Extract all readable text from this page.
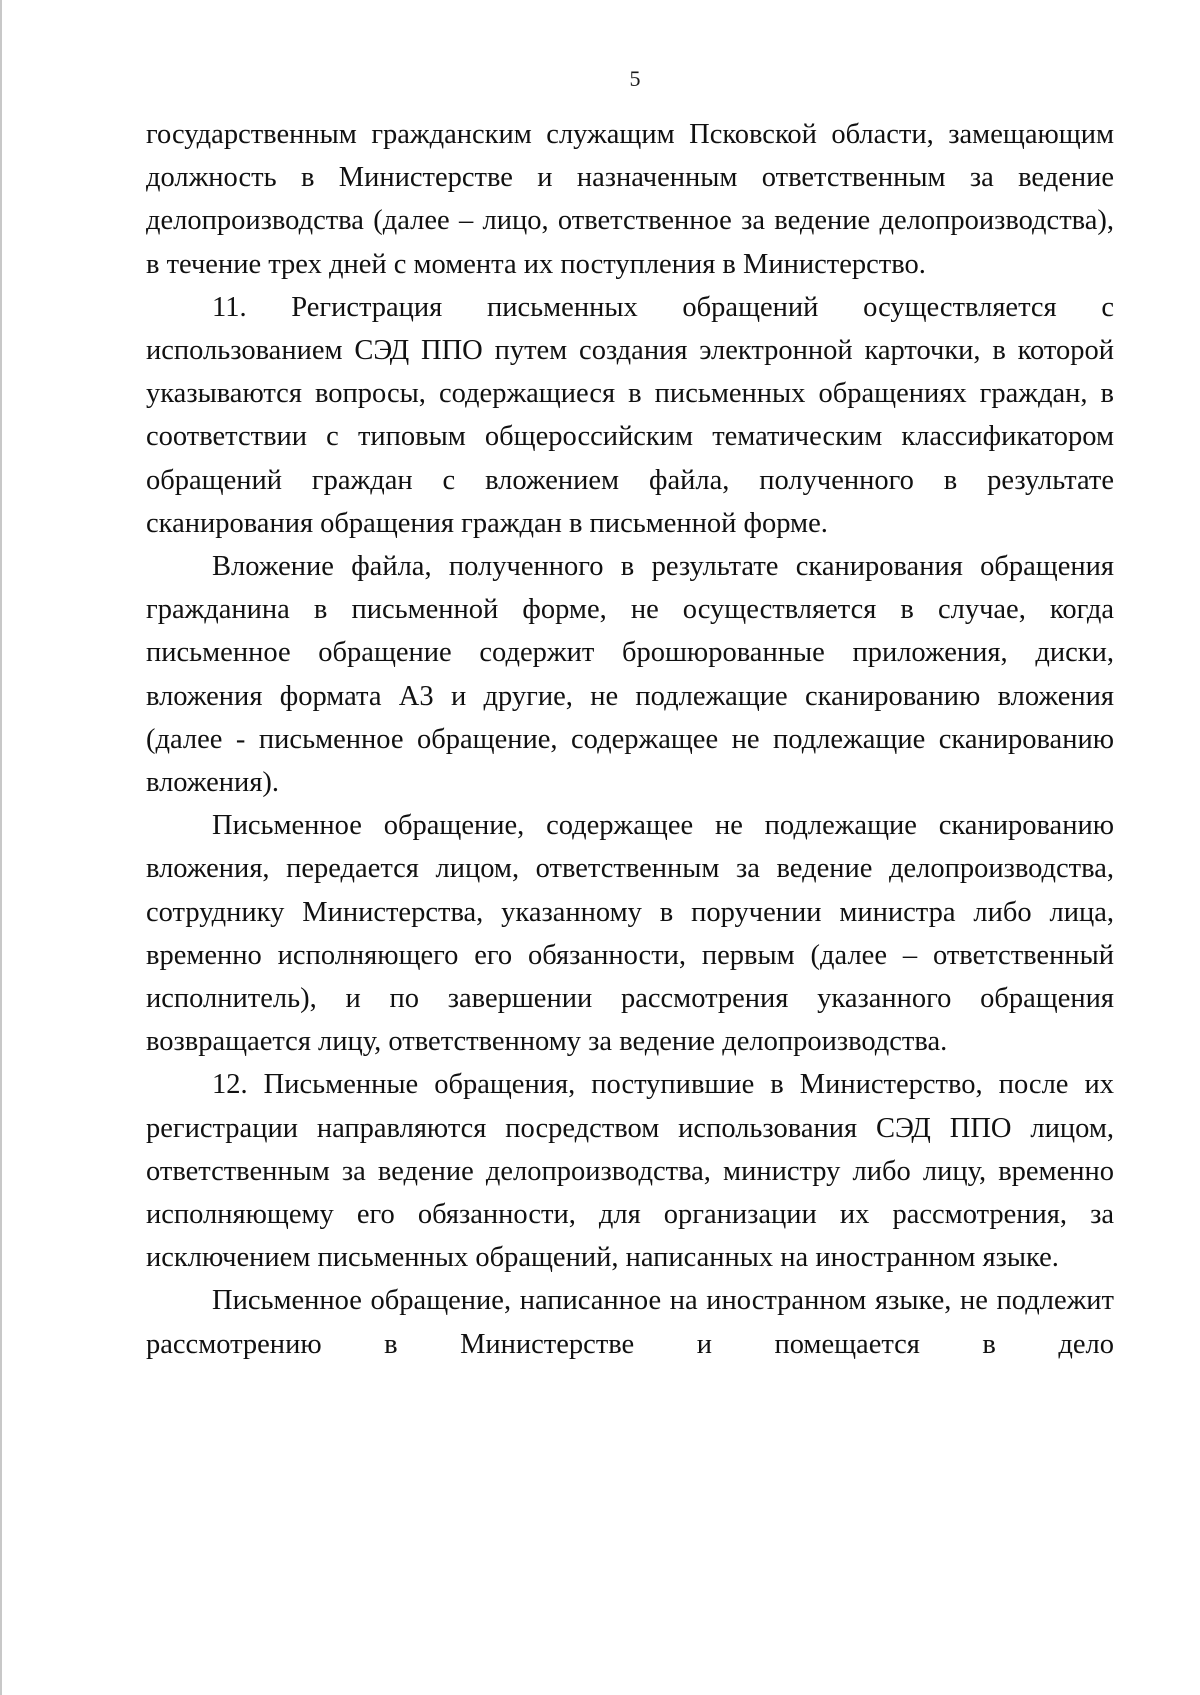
5

государственным гражданским служащим Псковской области, замещающим должность в Министерстве и назначенным ответственным за ведение делопроизводства (далее – лицо, ответственное за ведение делопроизводства), в течение трех дней с момента их поступления в Министерство.

11. Регистрация письменных обращений осуществляется с использованием СЭД ППО путем создания электронной карточки, в которой указываются вопросы, содержащиеся в письменных обращениях граждан, в соответствии с типовым общероссийским тематическим классификатором обращений граждан с вложением файла, полученного в результате сканирования обращения граждан в письменной форме.

Вложение файла, полученного в результате сканирования обращения гражданина в письменной форме, не осуществляется в случае, когда письменное обращение содержит брошюрованные приложения, диски, вложения формата А3 и другие, не подлежащие сканированию вложения (далее - письменное обращение, содержащее не подлежащие сканированию вложения).

Письменное обращение, содержащее не подлежащие сканированию вложения, передается лицом, ответственным за ведение делопроизводства, сотруднику Министерства, указанному в поручении министра либо лица, временно исполняющего его обязанности, первым (далее – ответственный исполнитель), и по завершении рассмотрения указанного обращения возвращается лицу, ответственному за ведение делопроизводства.

12. Письменные обращения, поступившие в Министерство, после их регистрации направляются посредством использования СЭД ППО лицом, ответственным за ведение делопроизводства, министру либо лицу, временно исполняющему его обязанности, для организации их рассмотрения, за исключением письменных обращений, написанных на иностранном языке.

Письменное обращение, написанное на иностранном языке, не подлежит рассмотрению в Министерстве и помещается в дело
